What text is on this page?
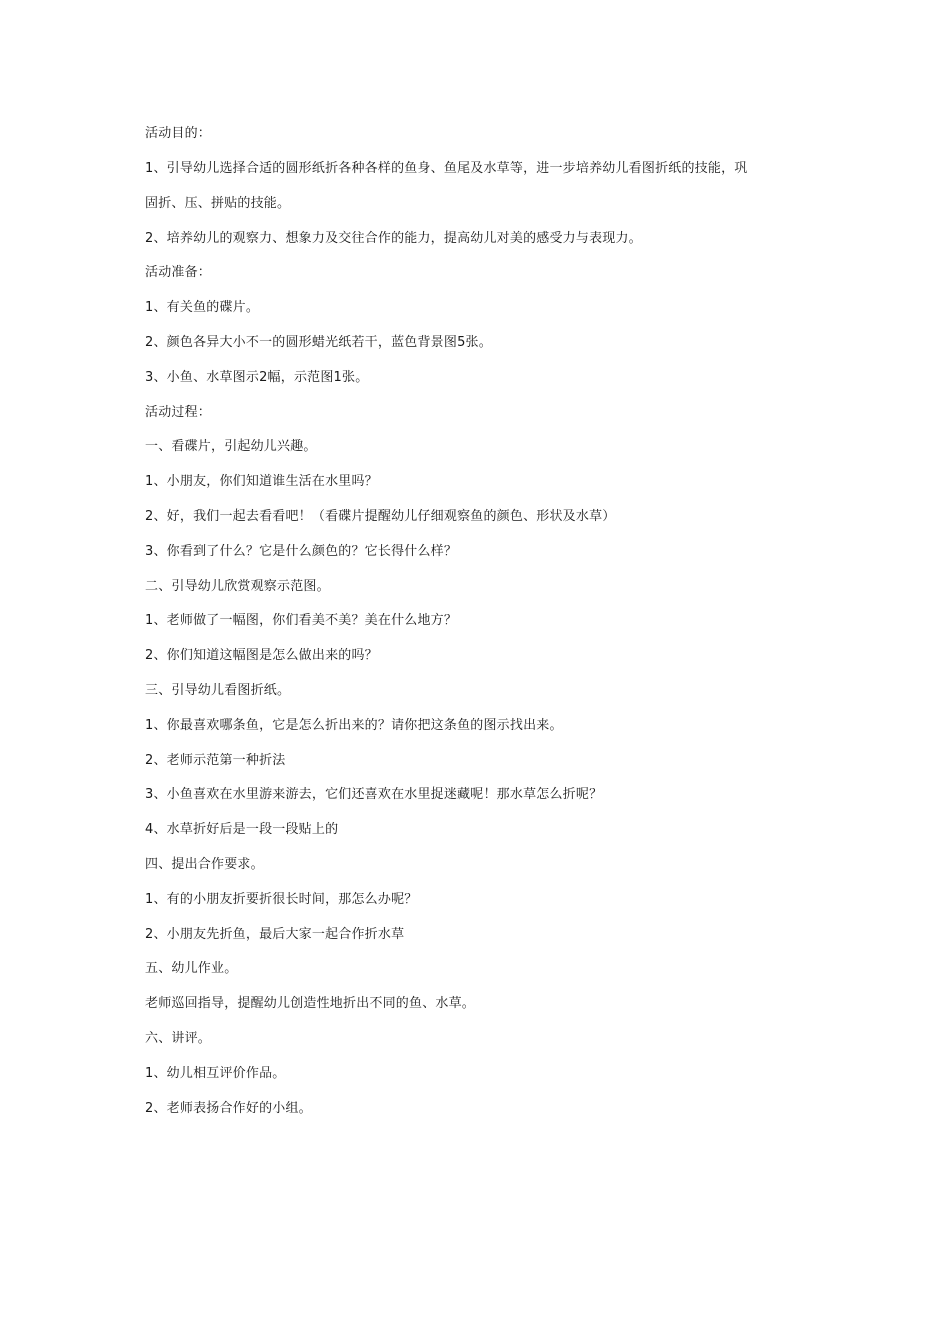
活动目的：
1、引导幼儿选择合适的圆形纸折各种各样的鱼身、鱼尾及水草等，进一步培养幼儿看图折纸的技能，巩
固折、压、拼贴的技能。
2、培养幼儿的观察力、想象力及交往合作的能力，提高幼儿对美的感受力与表现力。
活动准备：
1、有关鱼的碟片。
2、颜色各异大小不一的圆形蜡光纸若干，蓝色背景图5张。
3、小鱼、水草图示2幅，示范图1张。
活动过程：
一、看碟片，引起幼儿兴趣。
1、小朋友，你们知道谁生活在水里吗？
2、好，我们一起去看看吧！（看碟片提醒幼儿仔细观察鱼的颜色、形状及水草）
3、你看到了什么？它是什么颜色的？它长得什么样？
二、引导幼儿欣赏观察示范图。
1、老师做了一幅图，你们看美不美？美在什么地方？
2、你们知道这幅图是怎么做出来的吗？
三、引导幼儿看图折纸。
1、你最喜欢哪条鱼，它是怎么折出来的？请你把这条鱼的图示找出来。
2、老师示范第一种折法
3、小鱼喜欢在水里游来游去，它们还喜欢在水里捉迷藏呢！那水草怎么折呢？
4、水草折好后是一段一段贴上的
四、提出合作要求。
1、有的小朋友折要折很长时间，那怎么办呢？
2、小朋友先折鱼，最后大家一起合作折水草
五、幼儿作业。
老师巡回指导，提醒幼儿创造性地折出不同的鱼、水草。
六、讲评。
1、幼儿相互评价作品。
2、老师表扬合作好的小组。
